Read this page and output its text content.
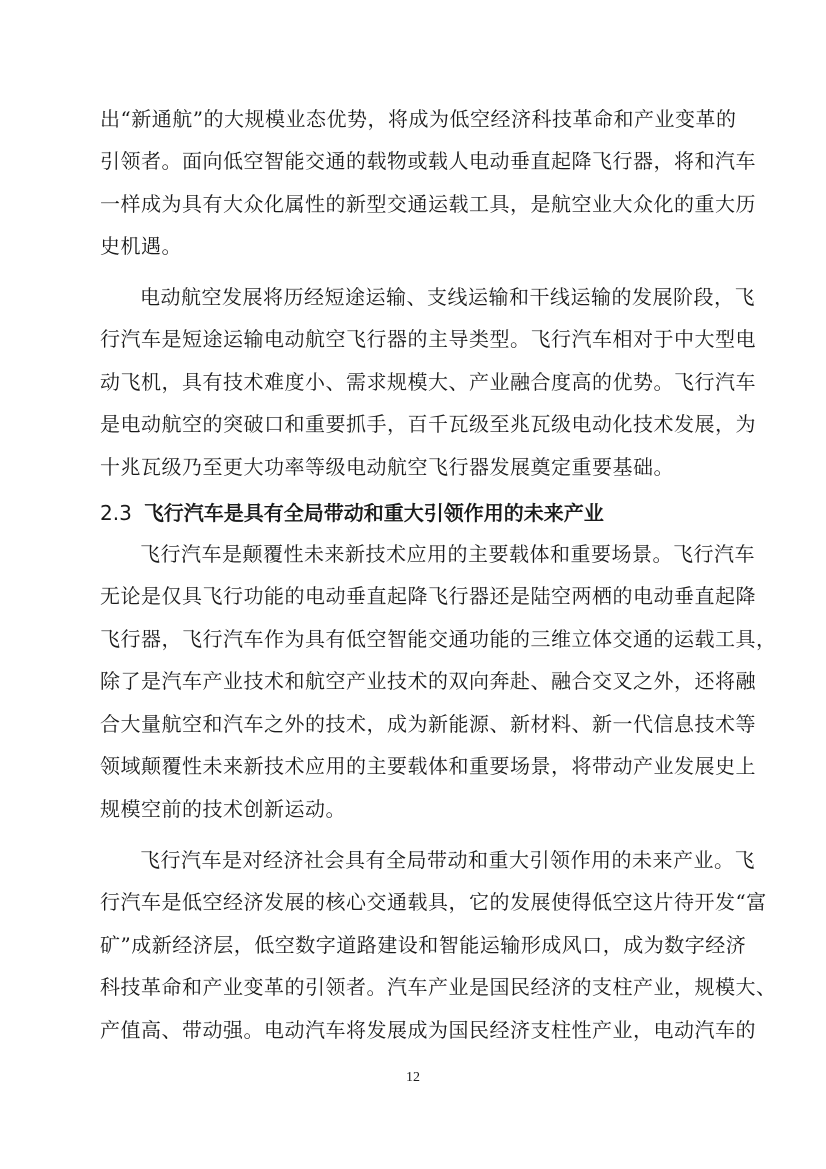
出“新通航”的大规模业态优势，将成为低空经济科技革命和产业变革的
引领者。面向低空智能交通的载物或载人电动垂直起降飞行器，将和汽车
一样成为具有大众化属性的新型交通运载工具，是航空业大众化的重大历
史机遇。
电动航空发展将历经短途运输、支线运输和干线运输的发展阶段，飞
行汽车是短途运输电动航空飞行器的主导类型。飞行汽车相对于中大型电
动飞机，具有技术难度小、需求规模大、产业融合度高的优势。飞行汽车
是电动航空的突破口和重要抓手，百千瓦级至兆瓦级电动化技术发展，为
十兆瓦级乃至更大功率等级电动航空飞行器发展奠定重要基础。
2.3 飞行汽车是具有全局带动和重大引领作用的未来产业
飞行汽车是颠覆性未来新技术应用的主要载体和重要场景。飞行汽车
无论是仅具飞行功能的电动垂直起降飞行器还是陆空两栖的电动垂直起降
飞行器，飞行汽车作为具有低空智能交通功能的三维立体交通的运载工具，
除了是汽车产业技术和航空产业技术的双向奔赴、融合交叉之外，还将融
合大量航空和汽车之外的技术，成为新能源、新材料、新一代信息技术等
领域颠覆性未来新技术应用的主要载体和重要场景，将带动产业发展史上
规模空前的技术创新运动。
飞行汽车是对经济社会具有全局带动和重大引领作用的未来产业。飞
行汽车是低空经济发展的核心交通载具，它的发展使得低空这片待开发“富
矿”成新经济层，低空数字道路建设和智能运输形成风口，成为数字经济
科技革命和产业变革的引领者。汽车产业是国民经济的支柱产业，规模大、
产值高、带动强。电动汽车将发展成为国民经济支柱性产业，电动汽车的
12
